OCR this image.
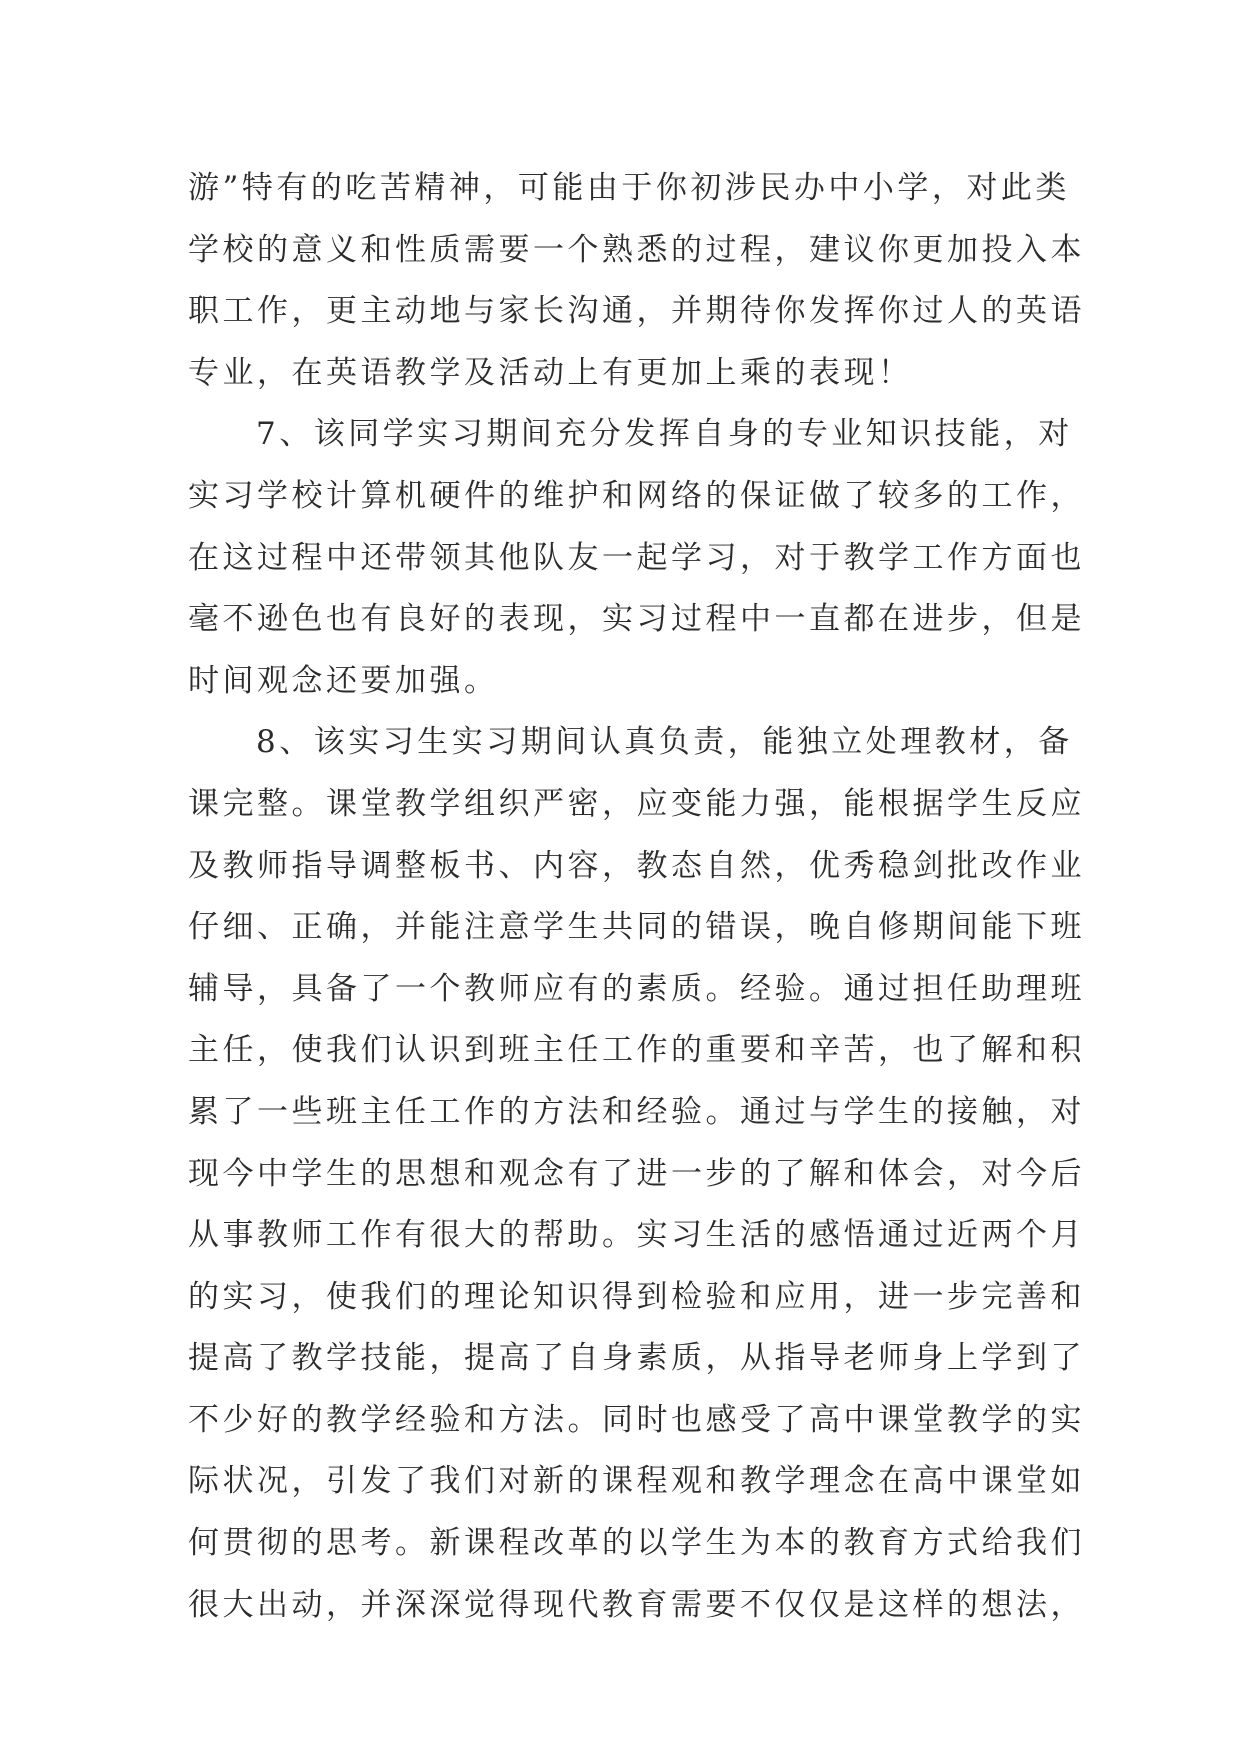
游”特有的吃苦精神，可能由于你初涉民办中小学，对此类
学校的意义和性质需要一个熟悉的过程，建议你更加投入本
职工作，更主动地与家长沟通，并期待你发挥你过人的英语
专业，在英语教学及活动上有更加上乘的表现！
7、该同学实习期间充分发挥自身的专业知识技能，对
实习学校计算机硬件的维护和网络的保证做了较多的工作，
在这过程中还带领其他队友一起学习，对于教学工作方面也
毫不逊色也有良好的表现，实习过程中一直都在进步，但是
时间观念还要加强。
8、该实习生实习期间认真负责，能独立处理教材，备
课完整。课堂教学组织严密，应变能力强，能根据学生反应
及教师指导调整板书、内容，教态自然，优秀稳剑批改作业
仔细、正确，并能注意学生共同的错误，晚自修期间能下班
辅导，具备了一个教师应有的素质。经验。通过担任助理班
主任，使我们认识到班主任工作的重要和辛苦，也了解和积
累了一些班主任工作的方法和经验。通过与学生的接触，对
现今中学生的思想和观念有了进一步的了解和体会，对今后
从事教师工作有很大的帮助。实习生活的感悟通过近两个月
的实习，使我们的理论知识得到检验和应用，进一步完善和
提高了教学技能，提高了自身素质，从指导老师身上学到了
不少好的教学经验和方法。同时也感受了高中课堂教学的实
际状况，引发了我们对新的课程观和教学理念在高中课堂如
何贯彻的思考。新课程改革的以学生为本的教育方式给我们
很大出动，并深深觉得现代教育需要不仅仅是这样的想法，
